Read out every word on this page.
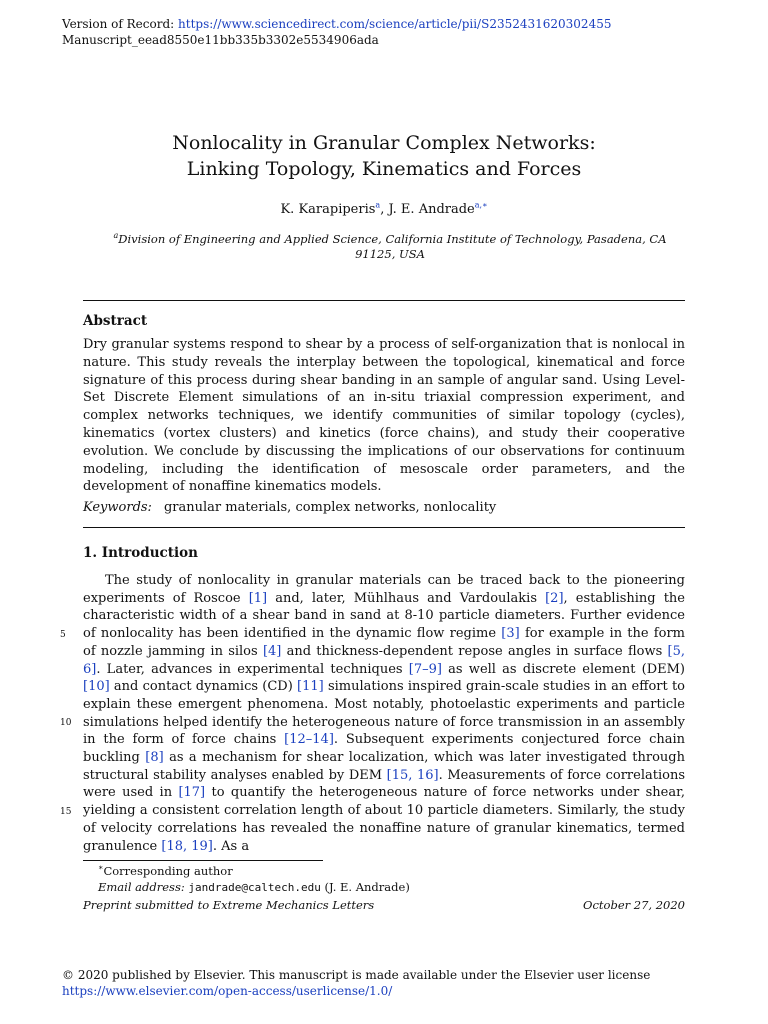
Version of Record: https://www.sciencedirect.com/science/article/pii/S2352431620302455
Manuscript_eead8550e11bb335b3302e5534906ada
Nonlocality in Granular Complex Networks:
Linking Topology, Kinematics and Forces
K. Karapiperis$^a$, J. E. Andrade$^{a,∗}$
$^a$Division of Engineering and Applied Science, California Institute of Technology, Pasadena, CA 91125, USA
Abstract
Dry granular systems respond to shear by a process of self-organization that is nonlocal in nature. This study reveals the interplay between the topological, kinematical and force signature of this process during shear banding in an sample of angular sand. Using Level-Set Discrete Element simulations of an in-situ triaxial compression experiment, and complex networks techniques, we identify communities of similar topology (cycles), kinematics (vortex clusters) and kinetics (force chains), and study their cooperative evolution. We conclude by discussing the implications of our observations for continuum modeling, including the identification of mesoscale order parameters, and the development of nonaffine kinematics models.
Keywords: granular materials, complex networks, nonlocality
1. Introduction
The study of nonlocality in granular materials can be traced back to the pioneering experiments of Roscoe [1] and, later, Mühlhaus and Vardoulakis [2], establishing the characteristic width of a shear band in sand at 8-10 particle diameters. Further evidence of nonlocality has been identified in the dynamic flow regime [3] for example in the form of nozzle jamming in silos [4] and thickness-dependent repose angles in surface flows [5, 6]. Later, advances in experimental techniques [7–9] as well as discrete element (DEM) [10] and contact dynamics (CD) [11] simulations inspired grain-scale studies in an effort to explain these emergent phenomena. Most notably, photoelastic experiments and particle simulations helped identify the heterogeneous nature of force transmission in an assembly in the form of force chains [12–14]. Subsequent experiments conjectured force chain buckling [8] as a mechanism for shear localization, which was later investigated through structural stability analyses enabled by DEM [15, 16]. Measurements of force correlations were used in [17] to quantify the heterogeneous nature of force networks under shear, yielding a consistent correlation length of about 10 particle diameters. Similarly, the study of velocity correlations has revealed the nonaffine nature of granular kinematics, termed granulence [18, 19]. As a
5
10
15
∗Corresponding author
Email address: jandrade@caltech.edu (J. E. Andrade)
Preprint submitted to Extreme Mechanics Letters	October 27, 2020
© 2020 published by Elsevier. This manuscript is made available under the Elsevier user license
https://www.elsevier.com/open-access/userlicense/1.0/
